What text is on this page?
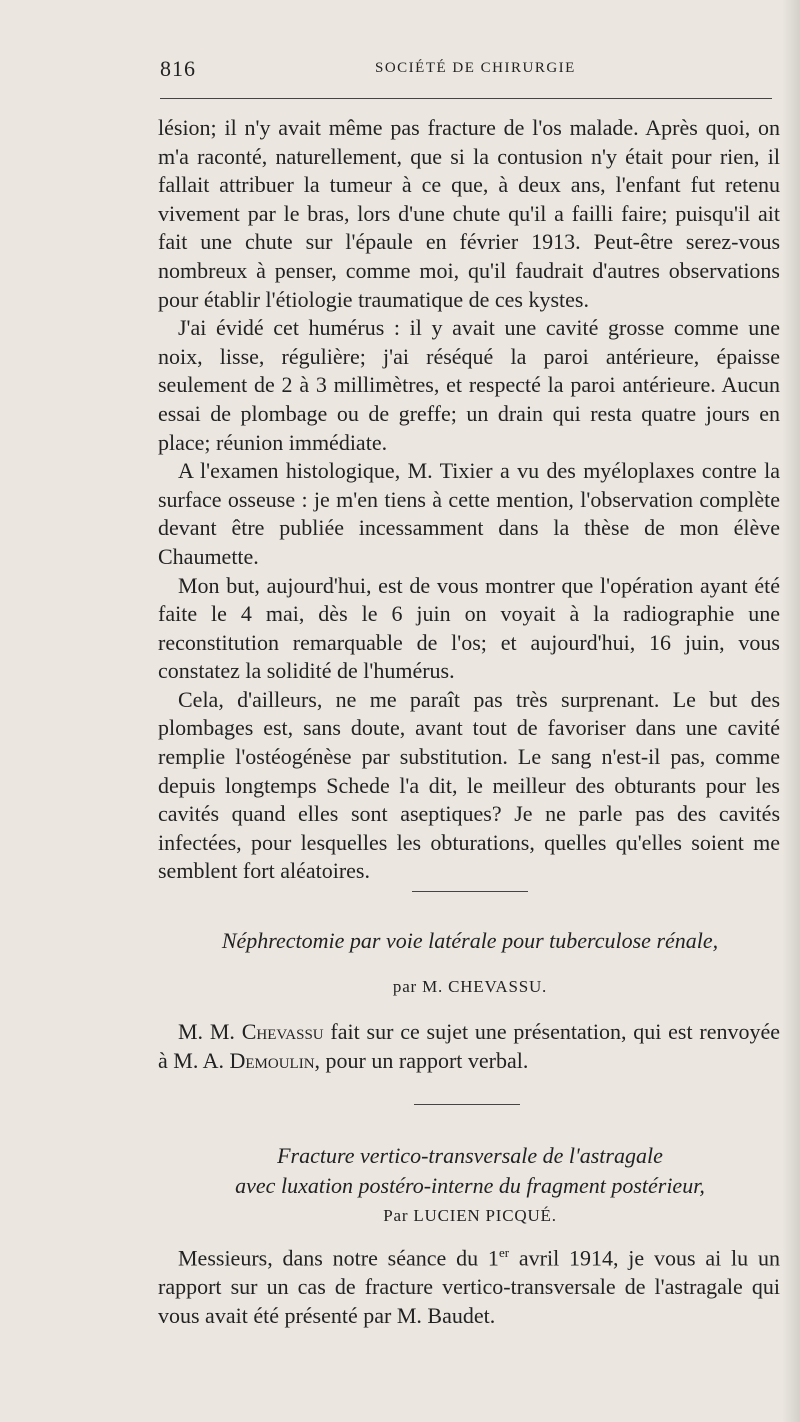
816	SOCIÉTÉ DE CHIRURGIE

lésion; il n'y avait même pas fracture de l'os malade. Après quoi, on m'a raconté, naturellement, que si la contusion n'y était pour rien, il fallait attribuer la tumeur à ce que, à deux ans, l'enfant fut retenu vivement par le bras, lors d'une chute qu'il a failli faire; puisqu'il ait fait une chute sur l'épaule en février 1913. Peut-être serez-vous nombreux à penser, comme moi, qu'il faudrait d'autres observations pour établir l'étiologie traumatique de ces kystes.

J'ai évidé cet humérus : il y avait une cavité grosse comme une noix, lisse, régulière; j'ai réséqué la paroi antérieure, épaisse seulement de 2 à 3 millimètres, et respecté la paroi antérieure. Aucun essai de plombage ou de greffe; un drain qui resta quatre jours en place; réunion immédiate.

A l'examen histologique, M. Tixier a vu des myéloplaxes contre la surface osseuse : je m'en tiens à cette mention, l'observation complète devant être publiée incessamment dans la thèse de mon élève Chaumette.

Mon but, aujourd'hui, est de vous montrer que l'opération ayant été faite le 4 mai, dès le 6 juin on voyait à la radiographie une reconstitution remarquable de l'os; et aujourd'hui, 16 juin, vous constatez la solidité de l'humérus.

Cela, d'ailleurs, ne me paraît pas très surprenant. Le but des plombages est, sans doute, avant tout de favoriser dans une cavité remplie l'ostéogénèse par substitution. Le sang n'est-il pas, comme depuis longtemps Schede l'a dit, le meilleur des obturants pour les cavités quand elles sont aseptiques? Je ne parle pas des cavités infectées, pour lesquelles les obturations, quelles qu'elles soient me semblent fort aléatoires.

Néphrectomie par voie latérale pour tuberculose rénale,
par M. CHEVASSU.

M. M. Chevassu fait sur ce sujet une présentation, qui est renvoyée à M. A. Demoulin, pour un rapport verbal.

Fracture vertico-transversale de l'astragale
avec luxation postéro-interne du fragment postérieur,
Par LUCIEN PICQUÉ.

Messieurs, dans notre séance du 1er avril 1914, je vous ai lu un rapport sur un cas de fracture vertico-transversale de l'astragale qui vous avait été présenté par M. Baudet.
